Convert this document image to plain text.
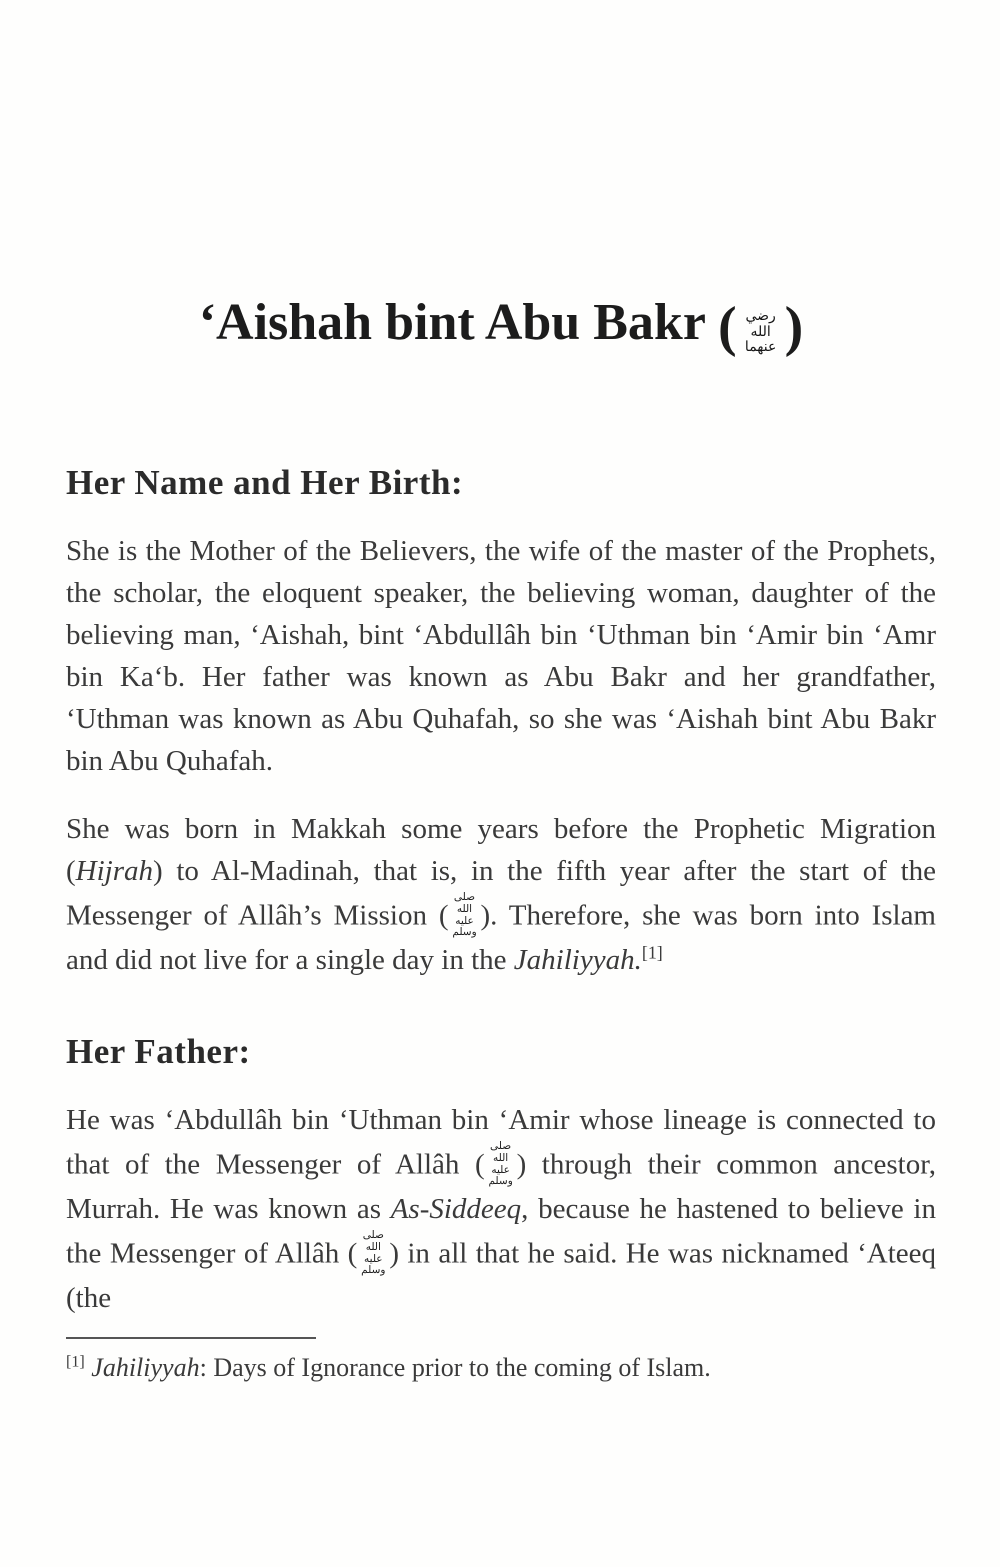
‘Aishah bint Abu Bakr ( رضي الله عنهما )
Her Name and Her Birth:

She is the Mother of the Believers, the wife of the master of the Prophets, the scholar, the eloquent speaker, the believing woman, daughter of the believing man, ‘Aishah, bint ‘Abdullâh bin ‘Uthman bin ‘Amir bin ‘Amr bin Ka‘b. Her father was known as Abu Bakr and her grandfather, ‘Uthman was known as Abu Quhafah, so she was ‘Aishah bint Abu Bakr bin Abu Quhafah.

She was born in Makkah some years before the Prophetic Migration (Hijrah) to Al-Madinah, that is, in the fifth year after the start of the Messenger of Allâh’s Mission (صلى الله عليه وسلم). Therefore, she was born into Islam and did not live for a single day in the Jahiliyyah.[1]

Her Father:

He was ‘Abdullâh bin ‘Uthman bin ‘Amir whose lineage is connected to that of the Messenger of Allâh (صلى الله عليه وسلم) through their common ancestor, Murrah. He was known as As-Siddeeq, because he hastened to believe in the Messenger of Allâh (صلى الله عليه وسلم) in all that he said. He was nicknamed ‘Ateeq (the

[1] Jahiliyyah: Days of Ignorance prior to the coming of Islam.
